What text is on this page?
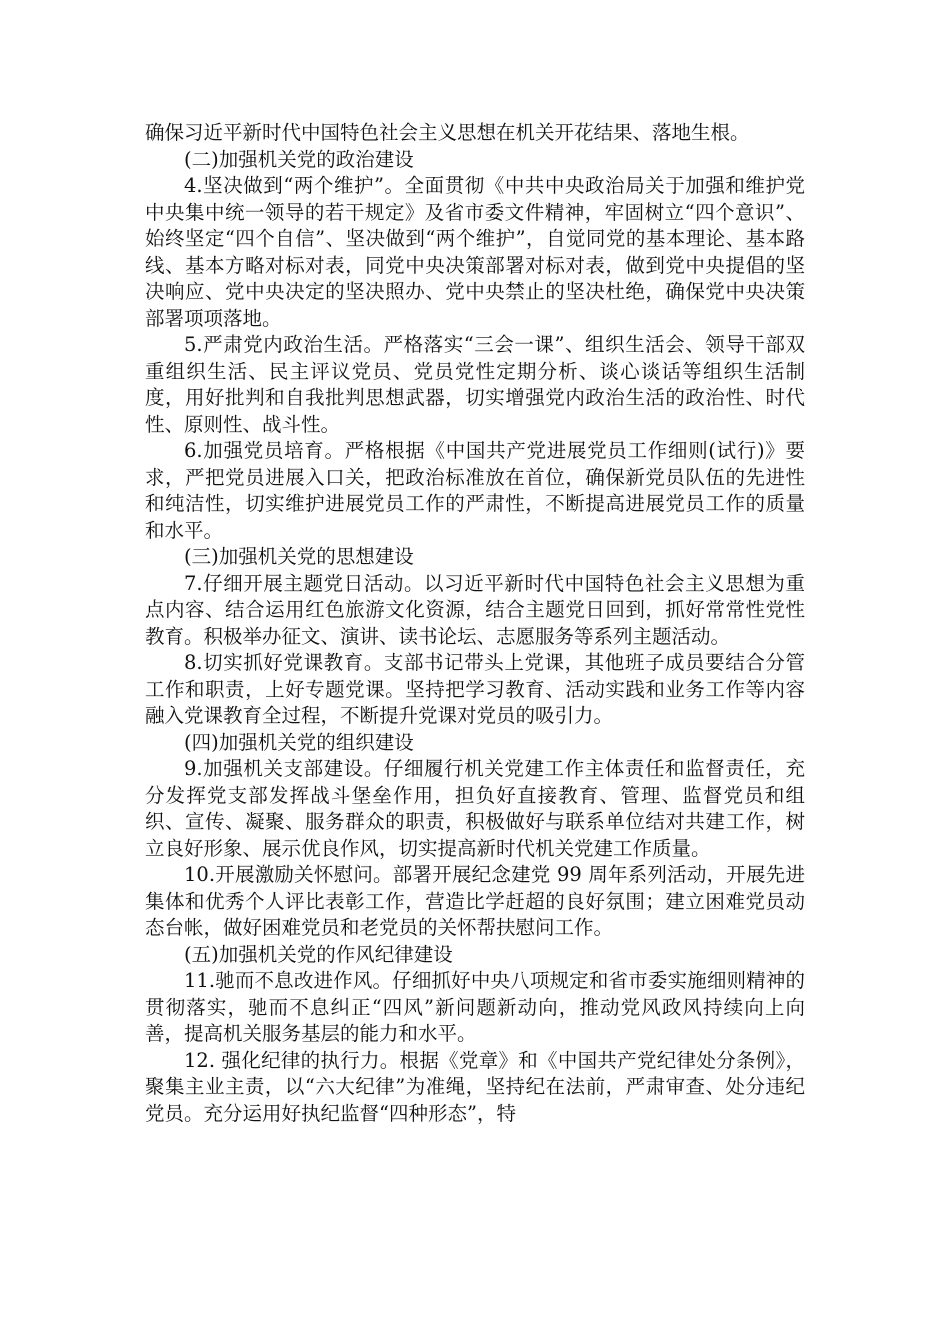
确保习近平新时代中国特色社会主义思想在机关开花结果、落地生根。

(二)加强机关党的政治建设

4.坚决做到“两个维护”。全面贯彻《中共中央政治局关于加强和维护党中央集中统一领导的若干规定》及省市委文件精神，牢固树立“四个意识”、始终坚定“四个自信”、坚决做到“两个维护”，自觉同党的基本理论、基本路线、基本方略对标对表，同党中央决策部署对标对表，做到党中央提倡的坚决响应、党中央决定的坚决照办、党中央禁止的坚决杜绝，确保党中央决策部署项项落地。

5.严肃党内政治生活。严格落实“三会一课”、组织生活会、领导干部双重组织生活、民主评议党员、党员党性定期分析、谈心谈话等组织生活制度，用好批判和自我批判思想武器，切实增强党内政治生活的政治性、时代性、原则性、战斗性。

6.加强党员培育。严格根据《中国共产党进展党员工作细则(试行)》要求，严把党员进展入口关，把政治标准放在首位，确保新党员队伍的先进性和纯洁性，切实维护进展党员工作的严肃性，不断提高进展党员工作的质量和水平。

(三)加强机关党的思想建设

7.仔细开展主题党日活动。以习近平新时代中国特色社会主义思想为重点内容、结合运用红色旅游文化资源，结合主题党日回到，抓好常常性党性教育。积极举办征文、演讲、读书论坛、志愿服务等系列主题活动。

8.切实抓好党课教育。支部书记带头上党课，其他班子成员要结合分管工作和职责，上好专题党课。坚持把学习教育、活动实践和业务工作等内容融入党课教育全过程，不断提升党课对党员的吸引力。

(四)加强机关党的组织建设

9.加强机关支部建设。仔细履行机关党建工作主体责任和监督责任，充分发挥党支部发挥战斗堡垒作用，担负好直接教育、管理、监督党员和组织、宣传、凝聚、服务群众的职责，积极做好与联系单位结对共建工作，树立良好形象、展示优良作风，切实提高新时代机关党建工作质量。

10.开展激励关怀慰问。部署开展纪念建党 99 周年系列活动，开展先进集体和优秀个人评比表彰工作，营造比学赶超的良好氛围；建立困难党员动态台帐，做好困难党员和老党员的关怀帮扶慰问工作。

(五)加强机关党的作风纪律建设

11.驰而不息改进作风。仔细抓好中央八项规定和省市委实施细则精神的贯彻落实，驰而不息纠正“四风”新问题新动向，推动党风政风持续向上向善，提高机关服务基层的能力和水平。

12. 强化纪律的执行力。根据《党章》和《中国共产党纪律处分条例》，聚集主业主责，以“六大纪律”为准绳，坚持纪在法前，严肃审查、处分违纪党员。充分运用好执纪监督“四种形态”，特
